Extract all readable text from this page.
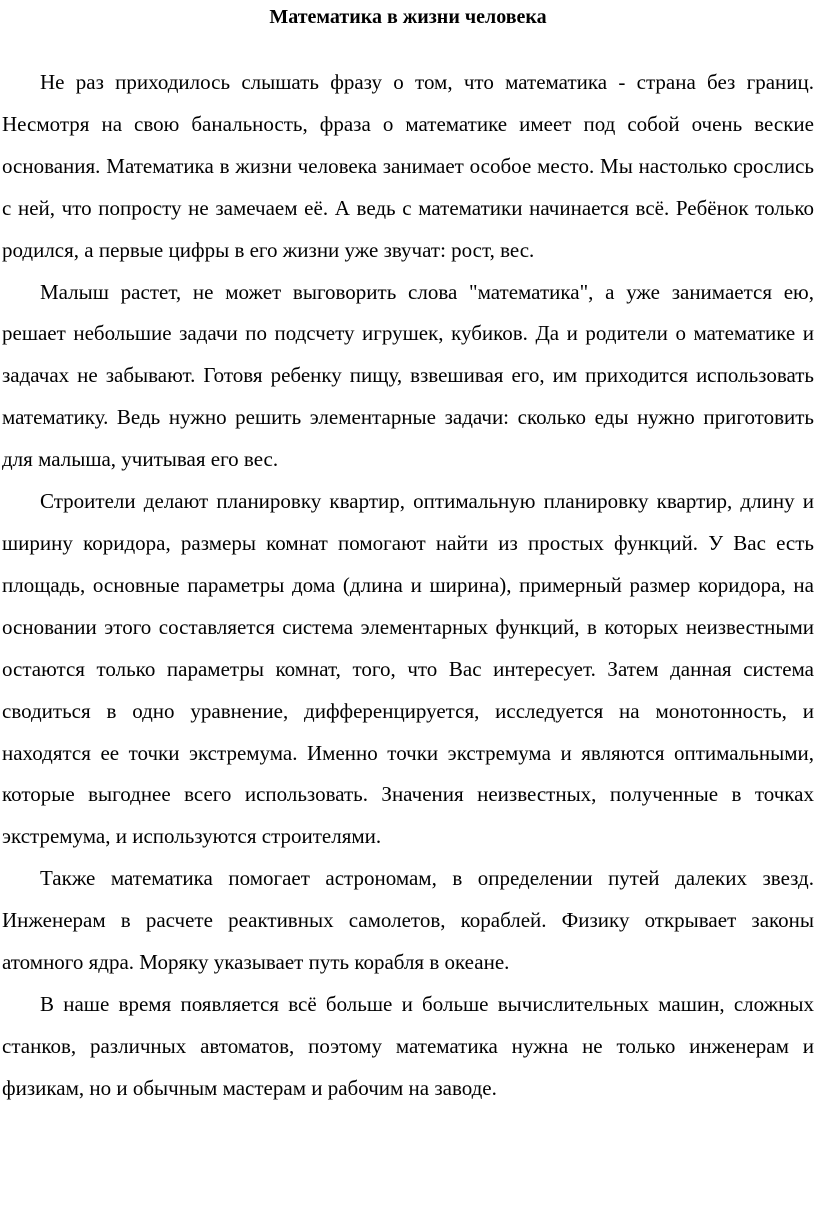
Математика в жизни человека

Не раз приходилось слышать фразу о том, что математика - страна без границ. Несмотря на свою банальность, фраза о математике имеет под собой очень веские основания. Математика в жизни человека занимает особое место. Мы настолько срослись с ней, что попросту не замечаем её. А ведь с математики начинается всё. Ребёнок только родился, а первые цифры в его жизни уже звучат: рост, вес.

Малыш растет, не может выговорить слова "математика", а уже занимается ею, решает небольшие задачи по подсчету игрушек, кубиков. Да и родители о математике и задачах не забывают. Готовя ребенку пищу, взвешивая его, им приходится использовать математику. Ведь нужно решить элементарные задачи: сколько еды нужно приготовить для малыша, учитывая его вес.

Строители делают планировку квартир, оптимальную планировку квартир, длину и ширину коридора, размеры комнат помогают найти из простых функций. У Вас есть площадь, основные параметры дома (длина и ширина), примерный размер коридора, на основании этого составляется система элементарных функций, в которых неизвестными остаются только параметры комнат, того, что Вас интересует. Затем данная система сводиться в одно уравнение, дифференцируется, исследуется на монотонность, и находятся ее точки экстремума. Именно точки экстремума и являются оптимальными, которые выгоднее всего использовать. Значения неизвестных, полученные в точках экстремума, и используются строителями.

Также математика помогает астрономам, в определении путей далеких звезд. Инженерам в расчете реактивных самолетов, кораблей. Физику открывает законы атомного ядра. Моряку указывает путь корабля в океане.

В наше время появляется всё больше и больше вычислительных машин, сложных станков, различных автоматов, поэтому математика нужна не только инженерам и физикам, но и обычным мастерам и рабочим на заводе.
